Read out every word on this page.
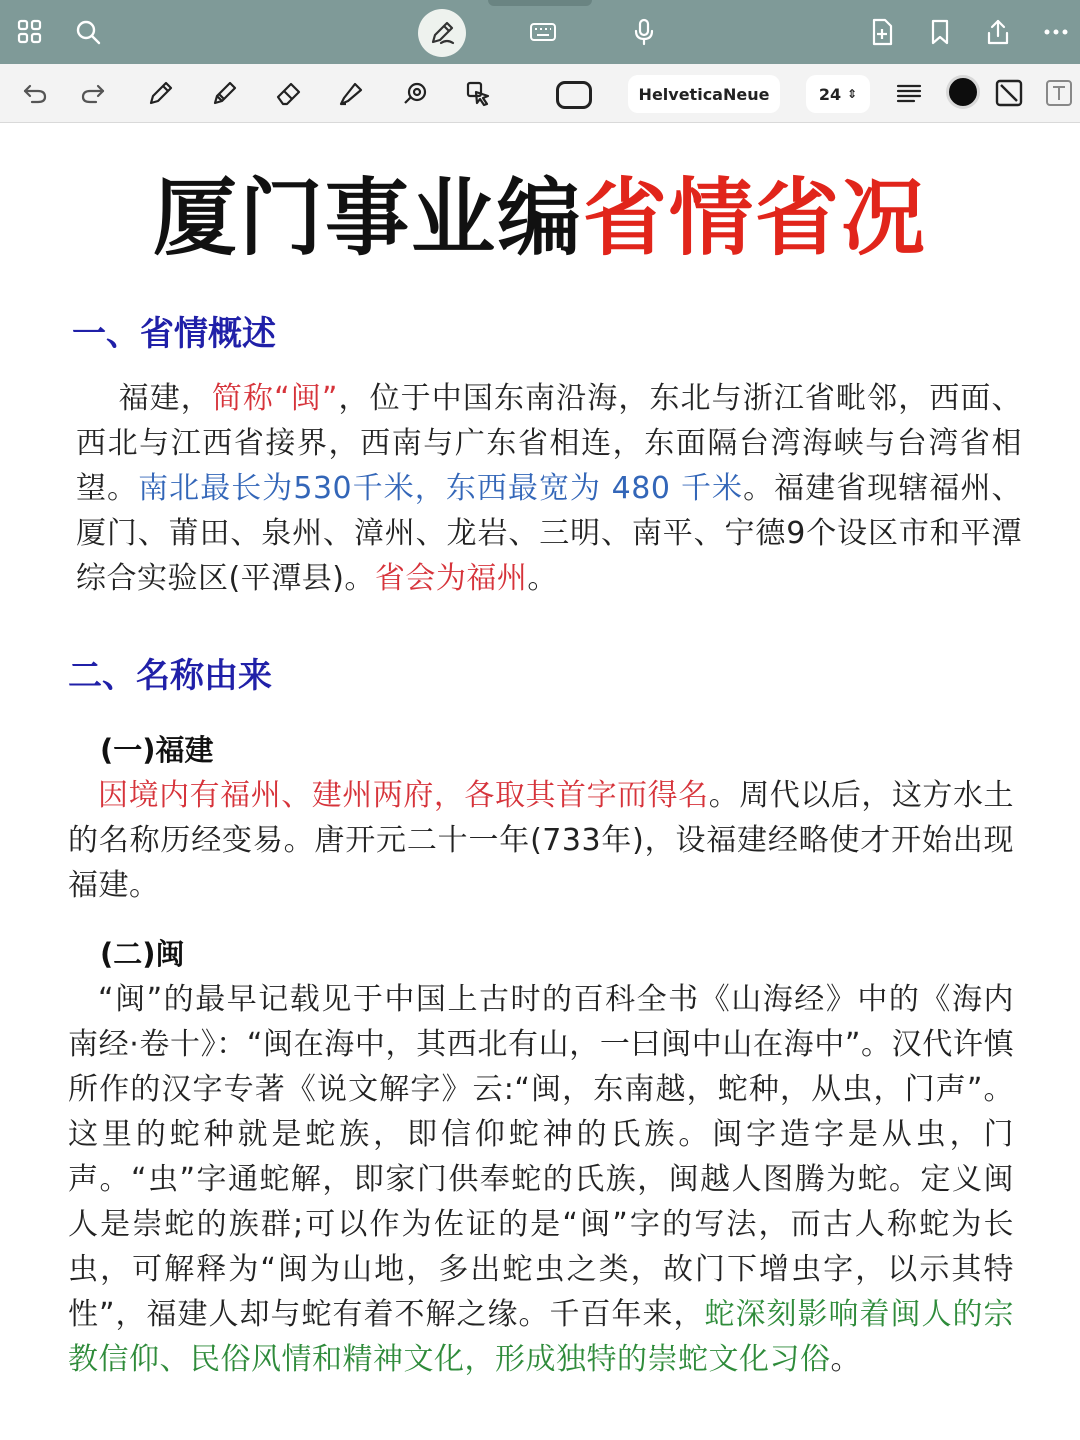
HelveticaNeue	24 ⇕
厦门事业编省情省况
一、省情概述
福建，简称“闽”，位于中国东南沿海，东北与浙江省毗邻，西面、西北与江西省接界，西南与广东省相连，东面隔台湾海峡与台湾省相望。南北最长为530千米，东西最宽为 480 千米。福建省现辖福州、厦门、莆田、泉州、漳州、龙岩、三明、南平、宁德9个设区市和平潭综合实验区(平潭县)。省会为福州。
二、名称由来
(一)福建
因境内有福州、建州两府，各取其首字而得名。周代以后，这方水土的名称历经变易。唐开元二十一年(733年)，设福建经略使才开始出现福建。
(二)闽
“闽”的最早记载见于中国上古时的百科全书《山海经》中的《海内南经·卷十》：“闽在海中，其西北有山，一曰闽中山在海中”。汉代许慎所作的汉字专著《说文解字》云:“闽，东南越，蛇种，从虫，门声”。这里的蛇种就是蛇族，即信仰蛇神的氏族。闽字造字是从虫，门声。“虫”字通蛇解，即家门供奉蛇的氏族，闽越人图腾为蛇。定义闽人是崇蛇的族群;可以作为佐证的是“闽”字的写法，而古人称蛇为长虫，可解释为“闽为山地，多出蛇虫之类，故门下增虫字，以示其特性”，福建人却与蛇有着不解之缘。千百年来，蛇深刻影响着闽人的宗教信仰、民俗风情和精神文化，形成独特的崇蛇文化习俗。
